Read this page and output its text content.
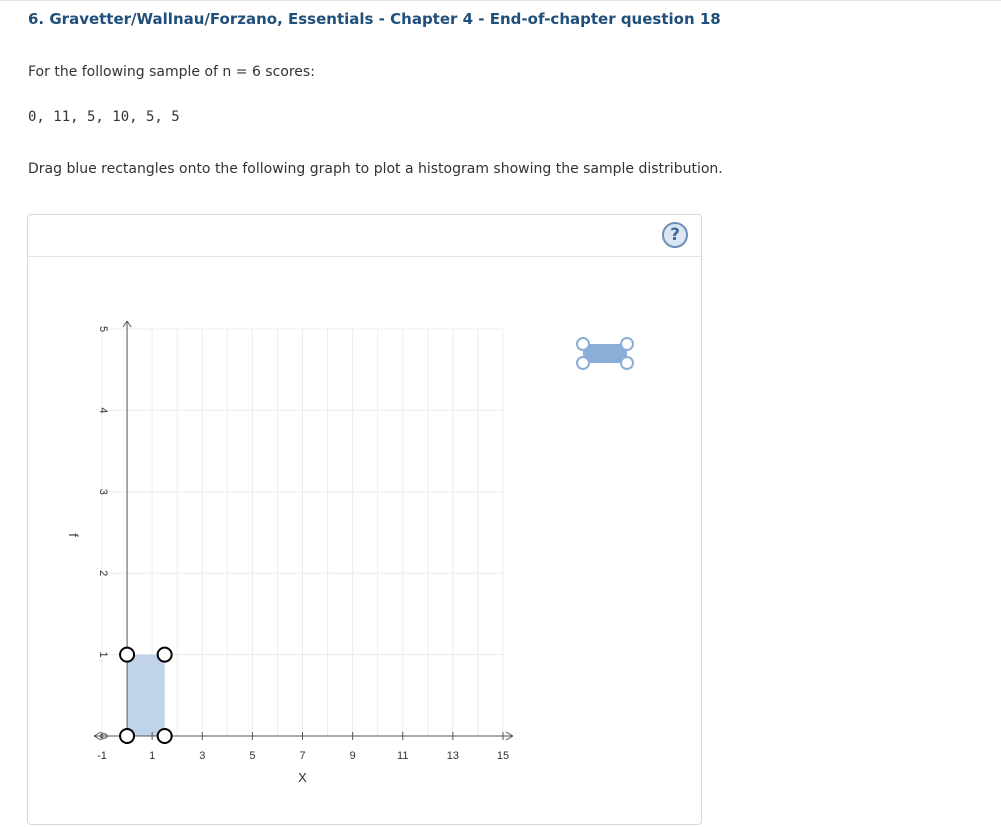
6. Gravetter/Wallnau/Forzano, Essentials - Chapter 4 - End-of-chapter question 18
For the following sample of n = 6 scores:
0, 11, 5, 10, 5, 5
Drag blue rectangles onto the following graph to plot a histogram showing the sample distribution.
?
-1	1	3	5	7	9	11	13	15
0
1
2
3
4
5
X
f
